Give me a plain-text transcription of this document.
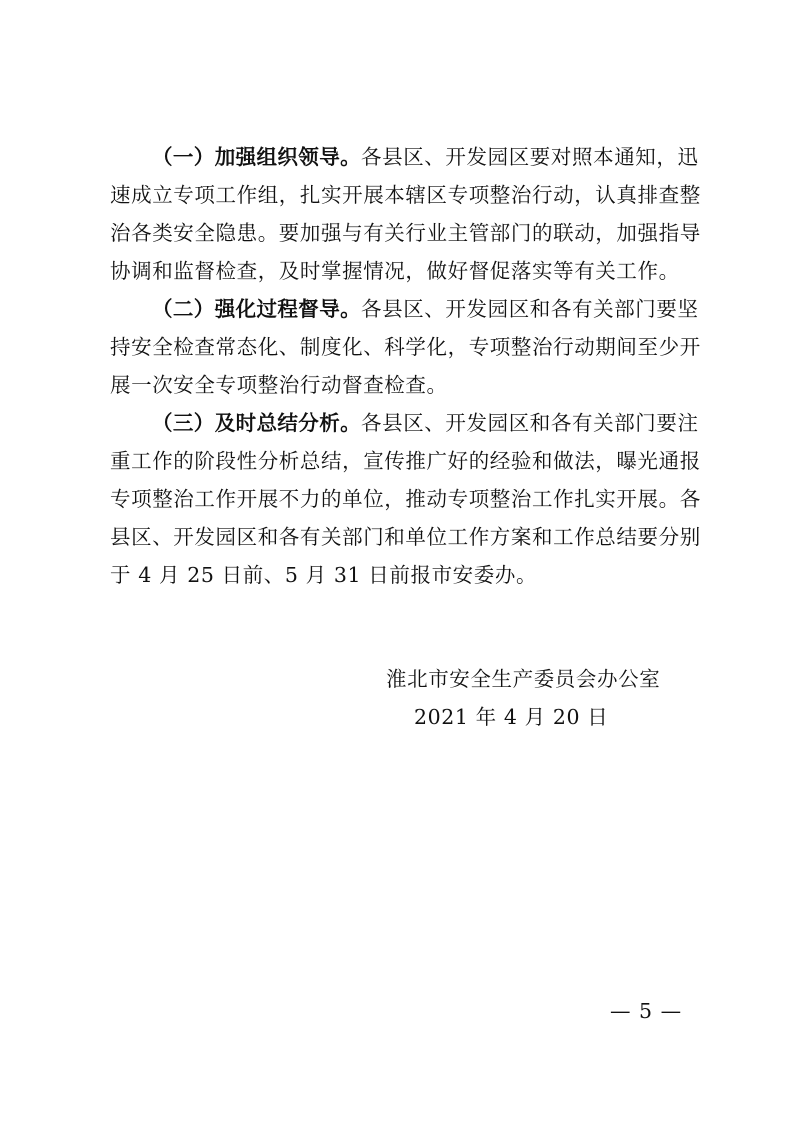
（一）加强组织领导。各县区、开发园区要对照本通知，迅
速成立专项工作组，扎实开展本辖区专项整治行动，认真排查整
治各类安全隐患。要加强与有关行业主管部门的联动，加强指导
协调和监督检查，及时掌握情况，做好督促落实等有关工作。
（二）强化过程督导。各县区、开发园区和各有关部门要坚
持安全检查常态化、制度化、科学化，专项整治行动期间至少开
展一次安全专项整治行动督查检查。
（三）及时总结分析。各县区、开发园区和各有关部门要注
重工作的阶段性分析总结，宣传推广好的经验和做法，曝光通报
专项整治工作开展不力的单位，推动专项整治工作扎实开展。各
县区、开发园区和各有关部门和单位工作方案和工作总结要分别
于 4 月 25 日前、5 月 31 日前报市安委办。
淮北市安全生产委员会办公室
2021 年 4 月 20 日
— 5 —
